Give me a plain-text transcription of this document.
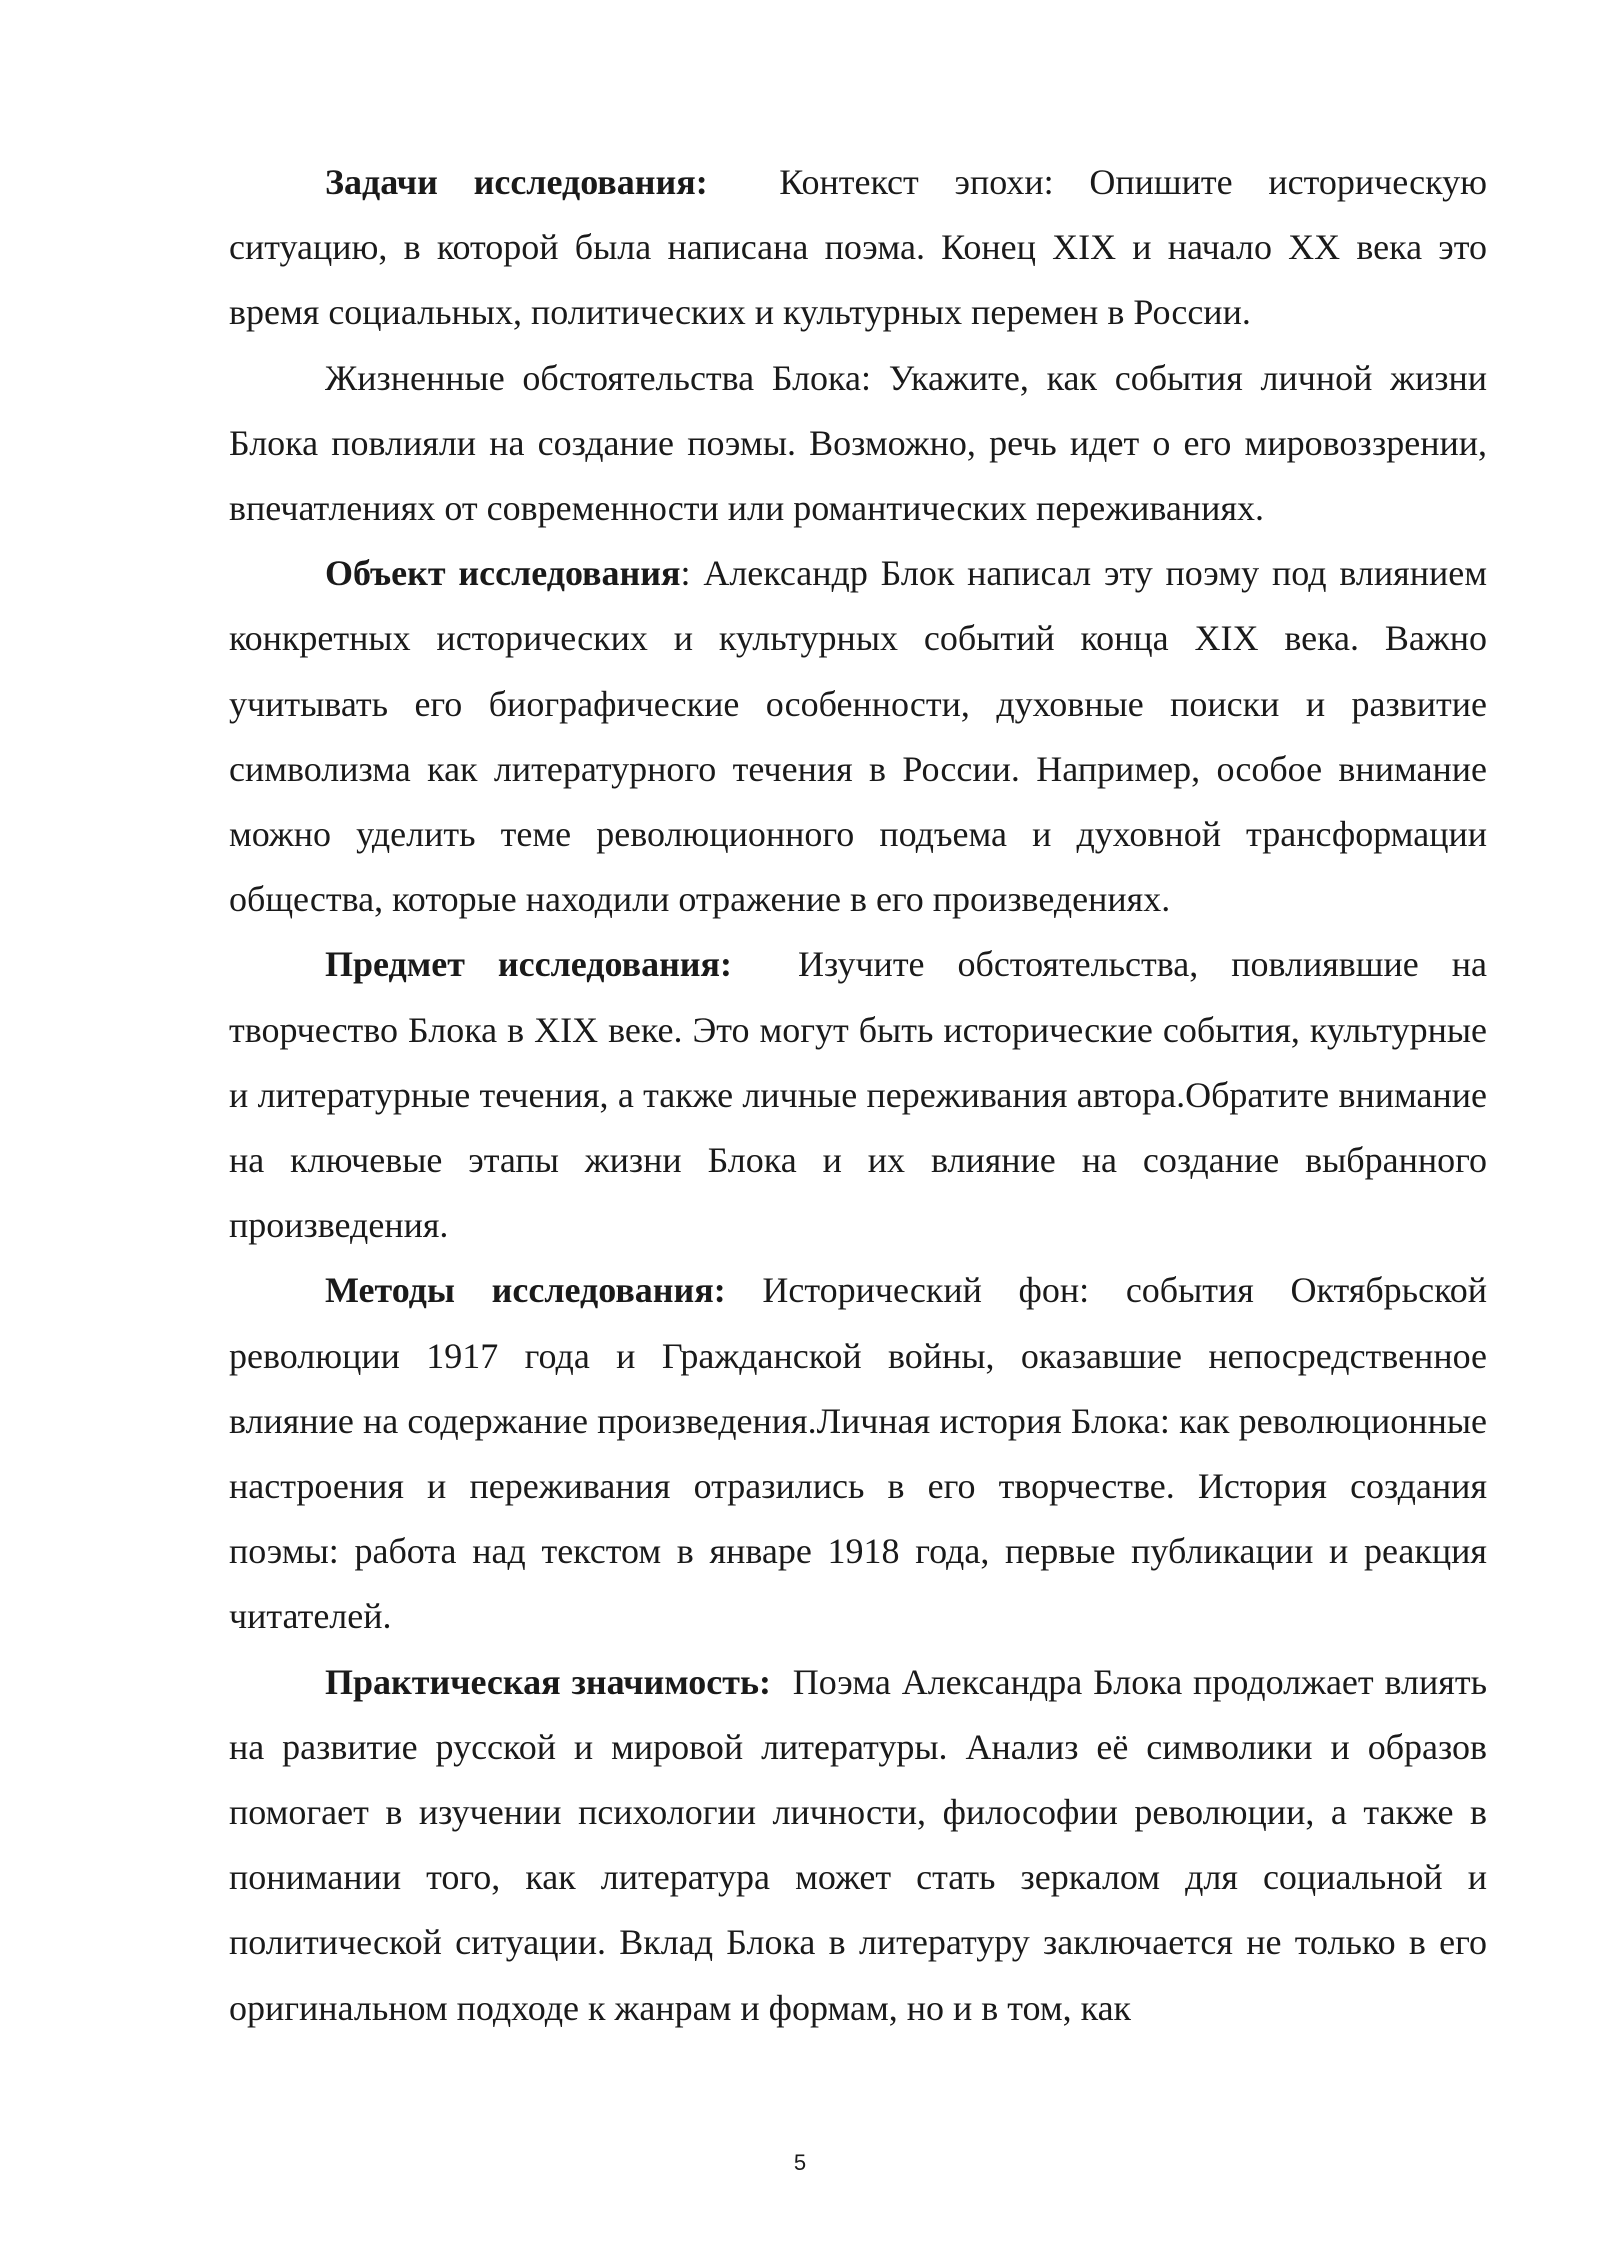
Задачи исследования:  Контекст эпохи: Опишите историческую ситуацию, в которой была написана поэма. Конец XIX и начало XX века это время социальных, политических и культурных перемен в России.

Жизненные обстоятельства Блока: Укажите, как события личной жизни Блока повлияли на создание поэмы. Возможно, речь идет о его мировоззрении, впечатлениях от современности или романтических переживаниях.

Объект исследования: Александр Блок написал эту поэму под влиянием конкретных исторических и культурных событий конца XIX века. Важно учитывать его биографические особенности, духовные поиски и развитие символизма как литературного течения в России. Например, особое внимание можно уделить теме революционного подъема и духовной трансформации общества, которые находили отражение в его произведениях.

Предмет исследования:  Изучите обстоятельства, повлиявшие на творчество Блока в XIX веке. Это могут быть исторические события, культурные и литературные течения, а также личные переживания автора.Обратите внимание на ключевые этапы жизни Блока и их влияние на создание выбранного произведения.

Методы исследования: Исторический фон: события Октябрьской революции 1917 года и Гражданской войны, оказавшие непосредственное влияние на содержание произведения.Личная история Блока: как революционные настроения и переживания отразились в его творчестве. История создания поэмы: работа над текстом в январе 1918 года, первые публикации и реакция читателей.

Практическая значимость:  Поэма Александра Блока продолжает влиять на развитие русской и мировой литературы. Анализ её символики и образов помогает в изучении психологии личности, философии революции, а также в понимании того, как литература может стать зеркалом для социальной и политической ситуации. Вклад Блока в литературу заключается не только в его оригинальном подходе к жанрам и формам, но и в том, как

5
